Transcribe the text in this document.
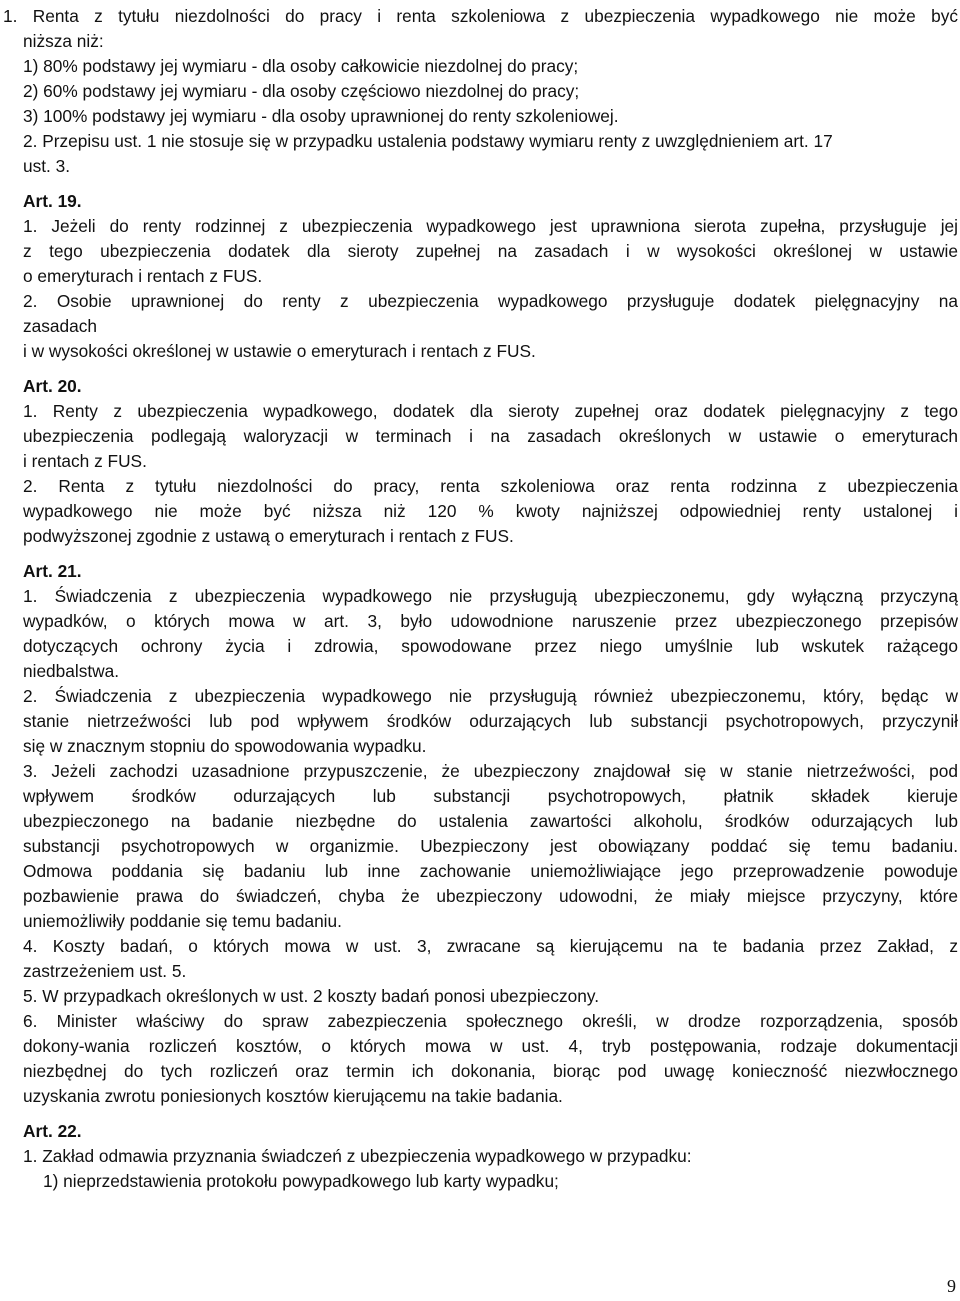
1. Renta z tytułu niezdolności do pracy i renta szkoleniowa z ubezpieczenia wypadkowego nie może być
niższa niż:
1) 80% podstawy jej wymiaru - dla osoby całkowicie niezdolnej do pracy;
2) 60% podstawy jej wymiaru - dla osoby częściowo niezdolnej do pracy;
3) 100% podstawy jej wymiaru - dla osoby uprawnionej do renty szkoleniowej.
2. Przepisu ust. 1 nie stosuje się w przypadku ustalenia podstawy wymiaru renty z uwzględnieniem art. 17
ust. 3.
Art. 19.
1. Jeżeli do renty rodzinnej z ubezpieczenia wypadkowego jest uprawniona sierota zupełna, przysługuje jej
z tego ubezpieczenia dodatek dla sieroty zupełnej na zasadach i w wysokości określonej w ustawie
o emeryturach i rentach z FUS.
2. Osobie uprawnionej do renty z ubezpieczenia wypadkowego przysługuje dodatek pielęgnacyjny na
zasadach
i w wysokości określonej w ustawie o emeryturach i rentach z FUS.
Art. 20.
1. Renty z ubezpieczenia wypadkowego, dodatek dla sieroty zupełnej oraz dodatek pielęgnacyjny z tego
ubezpieczenia podlegają waloryzacji w terminach i na zasadach określonych w ustawie o emeryturach
i rentach z FUS.
2. Renta z tytułu niezdolności do pracy, renta szkoleniowa oraz renta rodzinna z ubezpieczenia
wypadkowego nie może być niższa niż 120 % kwoty najniższej odpowiedniej renty ustalonej i
podwyższonej zgodnie z ustawą o emeryturach i rentach z FUS.
Art. 21.
1. Świadczenia z ubezpieczenia wypadkowego nie przysługują ubezpieczonemu, gdy wyłączną przyczyną
wypadków, o których mowa w art. 3, było udowodnione naruszenie przez ubezpieczonego przepisów
dotyczących ochrony życia i zdrowia, spowodowane przez niego umyślnie lub wskutek rażącego
niedbalstwa.
2. Świadczenia z ubezpieczenia wypadkowego nie przysługują również ubezpieczonemu, który, będąc w
stanie nietrzeźwości lub pod wpływem środków odurzających lub substancji psychotropowych, przyczynił
się w znacznym stopniu do spowodowania wypadku.
3. Jeżeli zachodzi uzasadnione przypuszczenie, że ubezpieczony znajdował się w stanie nietrzeźwości, pod
wpływem środków odurzających lub substancji psychotropowych, płatnik składek kieruje
ubezpieczonego na badanie niezbędne do ustalenia zawartości alkoholu, środków odurzających lub
substancji psychotropowych w organizmie. Ubezpieczony jest obowiązany poddać się temu badaniu.
Odmowa poddania się badaniu lub inne zachowanie uniemożliwiające jego przeprowadzenie powoduje
pozbawienie prawa do świadczeń, chyba że ubezpieczony udowodni, że miały miejsce przyczyny, które
uniemożliwiły poddanie się temu badaniu.
4. Koszty badań, o których mowa w ust. 3, zwracane są kierującemu na te badania przez Zakład, z
zastrzeżeniem ust. 5.
5. W przypadkach określonych w ust. 2 koszty badań ponosi ubezpieczony.
6. Minister właściwy do spraw zabezpieczenia społecznego określi, w drodze rozporządzenia, sposób
dokony-wania rozliczeń kosztów, o których mowa w ust. 4, tryb postępowania, rodzaje dokumentacji
niezbędnej do tych rozliczeń oraz termin ich dokonania, biorąc pod uwagę konieczność niezwłocznego
uzyskania zwrotu poniesionych kosztów kierującemu na takie badania.
Art. 22.
1. Zakład odmawia przyznania świadczeń z ubezpieczenia wypadkowego w przypadku:
1) nieprzedstawienia protokołu powypadkowego lub karty wypadku;
9
